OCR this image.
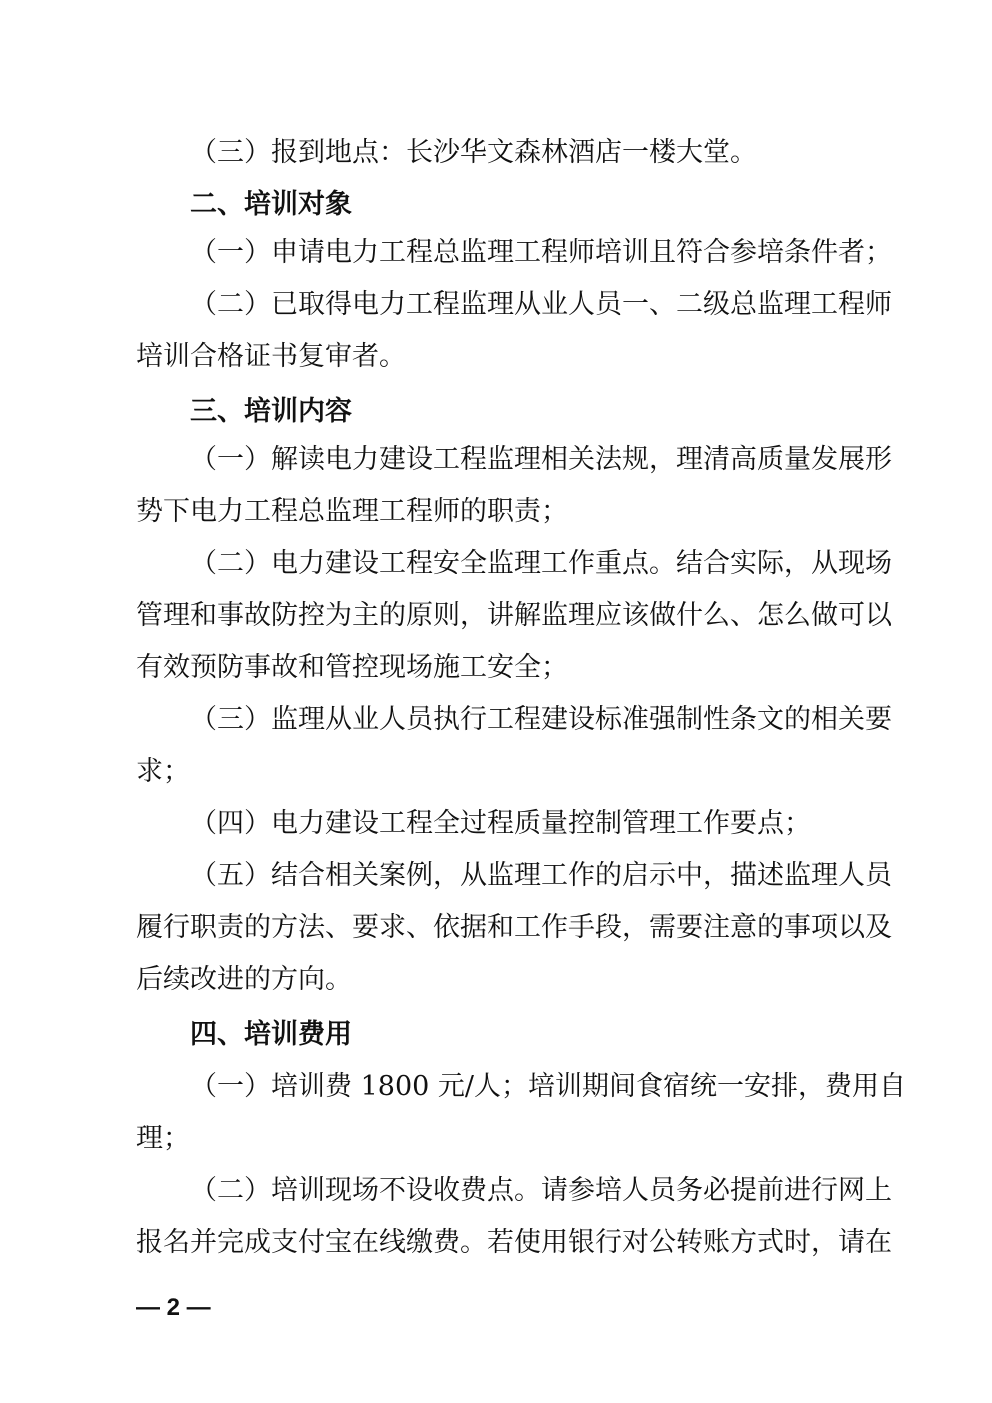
（三）报到地点：长沙华文森林酒店一楼大堂。
二、培训对象
（一）申请电力工程总监理工程师培训且符合参培条件者；
（二）已取得电力工程监理从业人员一、二级总监理工程师
培训合格证书复审者。
三、培训内容
（一）解读电力建设工程监理相关法规，理清高质量发展形
势下电力工程总监理工程师的职责；
（二）电力建设工程安全监理工作重点。结合实际，从现场
管理和事故防控为主的原则，讲解监理应该做什么、怎么做可以
有效预防事故和管控现场施工安全；
（三）监理从业人员执行工程建设标准强制性条文的相关要
求；
（四）电力建设工程全过程质量控制管理工作要点；
（五）结合相关案例，从监理工作的启示中，描述监理人员
履行职责的方法、要求、依据和工作手段，需要注意的事项以及
后续改进的方向。
四、培训费用
（一）培训费 1800 元/人；培训期间食宿统一安排，费用自
理；
（二）培训现场不设收费点。请参培人员务必提前进行网上
报名并完成支付宝在线缴费。若使用银行对公转账方式时，请在
— 2 —
